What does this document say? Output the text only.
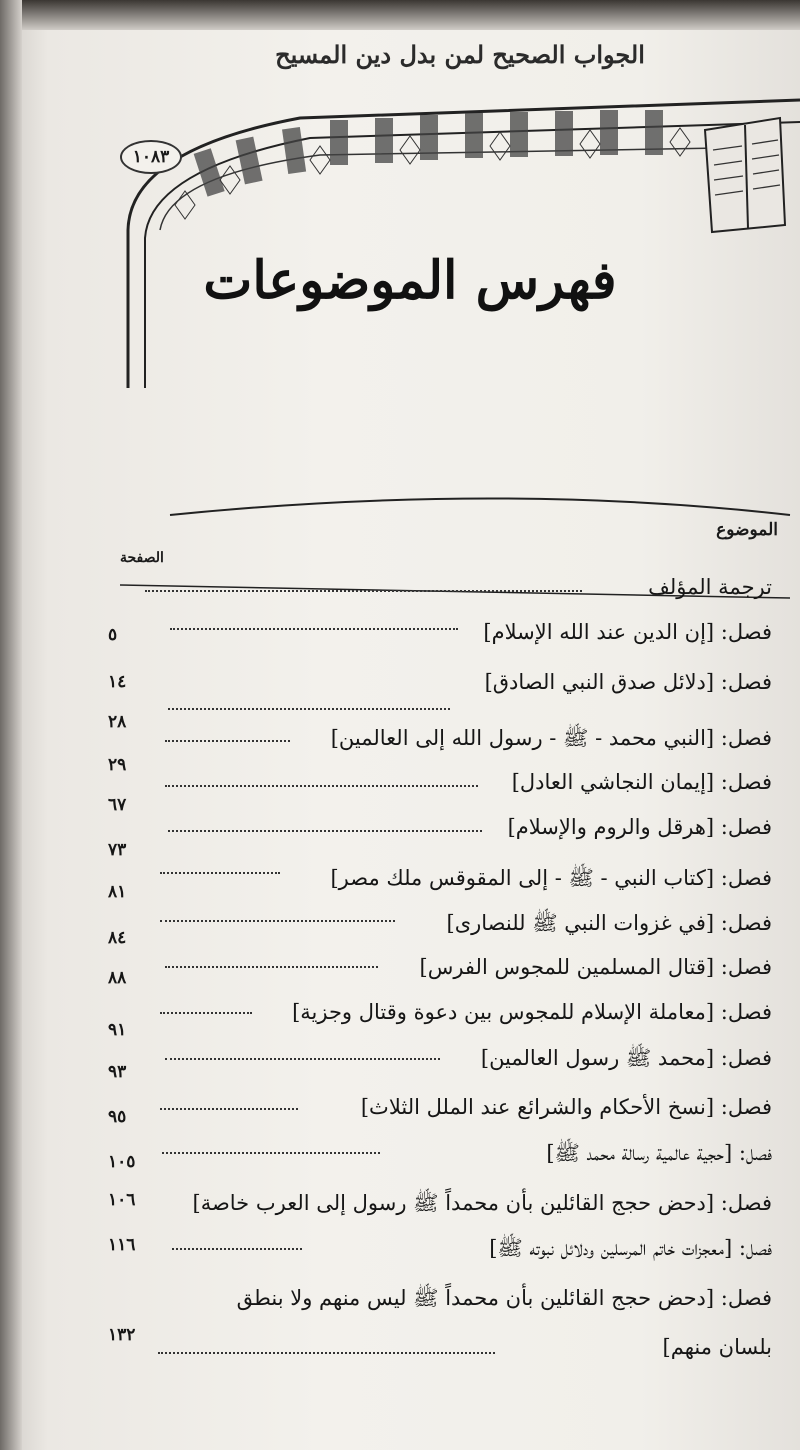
الجواب الصحيح لمن بدل دين المسيح
١٠٨٣
فهرس الموضوعات
الموضوع
الصفحة
ترجمة المؤلف
فصل: [إن الدين عند الله الإسلام]
٥
فصل: [دلائل صدق النبي الصادق]
١٤
فصل: [النبي محمد - ﷺ - رسول الله إلى العالمين]
٢٨
فصل: [إيمان النجاشي العادل]
٢٩
فصل: [هرقل والروم والإسلام]
٦٧
فصل: [كتاب النبي - ﷺ - إلى المقوقس ملك مصر]
٧٣
فصل: [في غزوات النبي ﷺ للنصارى]
٨١
فصل: [قتال المسلمين للمجوس الفرس]
٨٤
فصل: [معاملة الإسلام للمجوس بين دعوة وقتال وجزية]
٨٨
فصل: [محمد ﷺ رسول العالمين]
٩١
فصل: [نسخ الأحكام والشرائع عند الملل الثلاث]
٩٣
فصل: [حجية عالمية رسالة محمد ﷺ]
٩٥
فصل: [دحض حجج القائلين بأن محمداً ﷺ رسول إلى العرب خاصة]
١٠٥
فصل: [معجزات خاتم المرسلين ودلائل نبوته ﷺ]
١٠٦
فصل: [دحض حجج القائلين بأن محمداً ﷺ ليس منهم ولا بنطق
١١٦
بلسان منهم]
١٣٢
